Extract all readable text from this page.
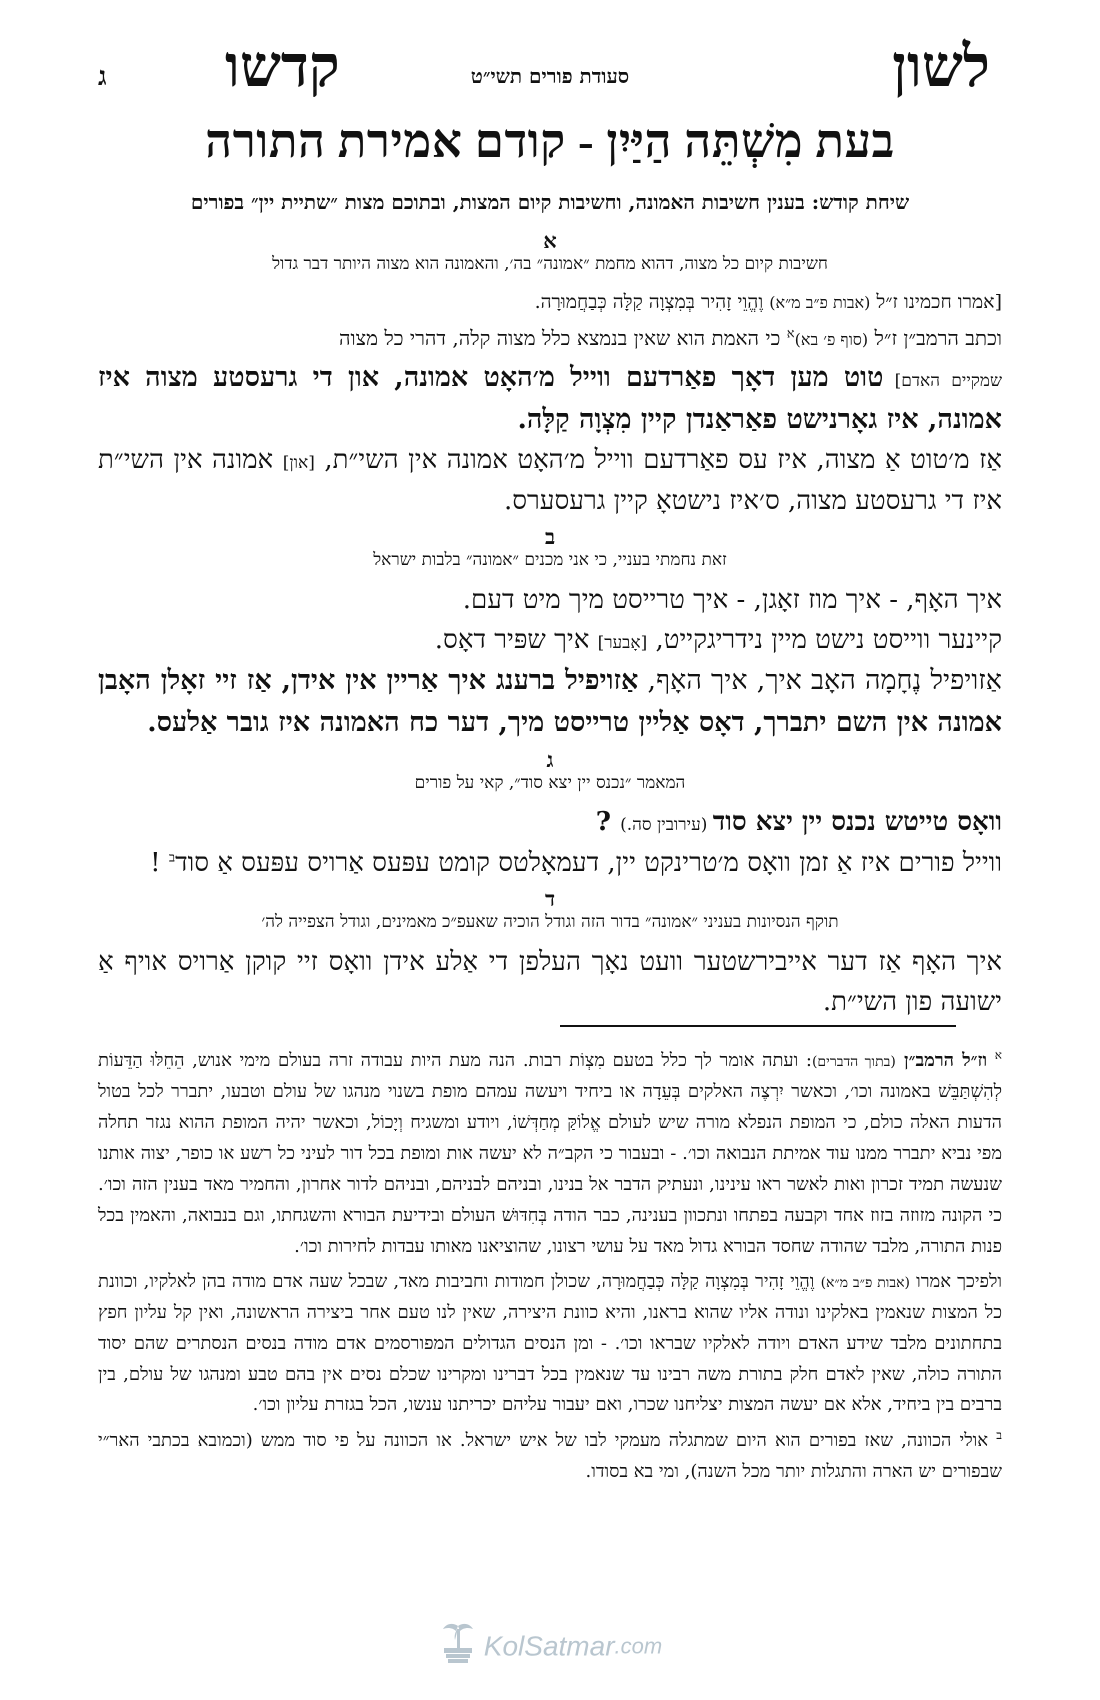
לשון
סעודת פורים תשי״ט
קדשו
ג
בעת מִשְׁתֵּה הַיַּיִן - קודם אמירת התורה
שיחת קודש: בענין חשיבות האמונה, וחשיבות קיום המצות, ובתוכם מצות ״שתיית יין״ בפורים
א
חשיבות קיום כל מצוה, דהוא מחמת ״אמונה״ בה׳, והאמונה הוא מצוה היותר דבר גדול
[אמרו חכמינו ז״ל (אבות פ״ב מ״א) וֶהֱוֵי זָהִיר בְּמִצְוָה קַלָּה כְּבַחֲמוּרָה.
וכתב הרמב״ן ז״ל (סוף פ׳ בא)$^א$ כי האמת הוא שאין בנמצא כלל מצוה קלה, דהרי כל מצוה
שמקיים האדם] טוט מען דאָך פאַרדעם ווייל מ׳האָט אמונה, און די גרעסטע מצוה איז אמונה, איז גאָרנישט פאַראַנדן קיין מִצְוָה קַלָּה.
אַז מ׳טוט אַ מצוה, איז עס פאַרדעם ווייל מ׳האָט אמונה אין השי״ת, [און] אמונה אין השי״ת איז די גרעסטע מצוה, ס׳איז נישטאָ קיין גרעסערס.
ב
זאת נחמתי בעניי, כי אני מכנים ״אמונה״ בלבות ישראל
איך האָף, - איך מוז זאָגן, - איך טרייסט מיך מיט דעם.
קיינער ווייסט נישט מיין נידריגקייט, [אָבער] איך שפּיר דאָס.
אַזויפיל נֶחָמָה האָב איך, איך האָף, אַזויפיל ברענג איך אַריין אין אידן, אַז זיי זאָלן האָבן אמונה אין השם יתברך, דאָס אַליין טרייסט מיך, דער כח האמונה איז גובר אַלעס.
ג
המאמר ״נכנס יין יצא סוד״, קאי על פורים
וואָס טייטש נכנס יין יצא סוד (עירובין סה.) ?
ווייל פורים איז אַ זמן וואָס מ׳טרינקט יין, דעמאָלטס קומט עפּעס אַרויס עפּעס אַ סוד$^ב$ !
ד
תוקף הנסיונות בעניני ״אמונה״ בדור הזה וגודל הוכיה שאעפ״כ מאמינים, וגודל הצפייה לה׳
איך האָף אַז דער אייבירשטער וועט נאָך העלפן די אַלע אידן וואָס זיי קוקן אַרויס אויף אַ ישועה פון השי״ת.

$^א$ וז״ל הרמב״ן (בתוך הדברים): ועתה אומר לך כלל בטעם מִצְוֹת רבות. הנה מעת היות עבודה זרה בעולם מימי אנוש, הֵחֵלּוּ הַדֵּעוֹת לְהִשְׁתַּבֵּשׁ באמונה וכו׳, וכאשר יִרְצֶה האלקים בְּעֵדָה או ביחיד ויעשה עמהם מופת בשנוי מנהגו של עולם וטבעו, יתברר לכל בטול הדעות האלה כולם, כי המופת הנפלא מורה שיש לעולם אֱלוֹקַּ מְחַדְּשׁוֹ, ויודע ומשגיח וְיָכוֹל, וכאשר יהיה המופת ההוא נגזר תחלה מפי נביא יתברר ממנו עוד אמיתת הנבואה וכו׳. - ובעבור כי הקב״ה לא יעשה אות ומופת בכל דור לעיני כל רשע או כופר, יצוה אותנו שנעשה תמיד זכרון ואות לאשר ראו עינינו, ונעתיק הדבר אל בנינו, ובניהם לבניהם, ובניהם לדור אחרון, והחמיר מאד בענין הזה וכו׳. כי הקונה מזוזה בזוז אחד וקבעה בפתחו ונתכוון בענינה, כבר הודה בְּחִדּוּשׁ העולם ובידיעת הבורא והשגחתו, וגם בנבואה, והאמין בכל פנות התורה, מלבד שהודה שחסד הבורא גדול מאד על עושי רצונו, שהוציאנו מאותו עבדות לחירות וכו׳.

ולפיכך אמרו (אבות פ״ב מ״א) וֶהֱוֵי זָהִיר בְּמִצְוָה קַלָּה כְּבַחֲמוּרָה, שכולן חמודות וחביבות מאד, שבכל שעה אדם מודה בהן לאלקיו, וכוונת כל המצות שנאמין באלקינו ונודה אליו שהוא בראנו, והיא כוונת היצירה, שאין לנו טעם אחר ביצירה הראשונה, ואין קל עליון חפץ בתחתונים מלבד שידע האדם ויודה לאלקיו שבראו וכו׳. - ומן הנסים הגדולים המפורסמים אדם מודה בנסים הנסתרים שהם יסוד התורה כולה, שאין לאדם חלק בתורת משה רבינו עד שנאמין בכל דברינו ומקרינו שכלם נסים אין בהם טבע ומנהגו של עולם, בין ברבים בין ביחיד, אלא אם יעשה המצות יצליחנו שכרו, ואם יעבור עליהם יכריתנו ענשו, הכל בגזרת עליון וכו׳.

$^ב$ אולי הכוונה, שאז בפורים הוא היום שמתגלה מעמקי לבו של איש ישראל. או הכוונה על פי סוד ממש (וכמובא בכתבי האר״י שבפורים יש הארה והתגלות יותר מכל השנה), ומי בא בסודו.

KolSatmar.com
